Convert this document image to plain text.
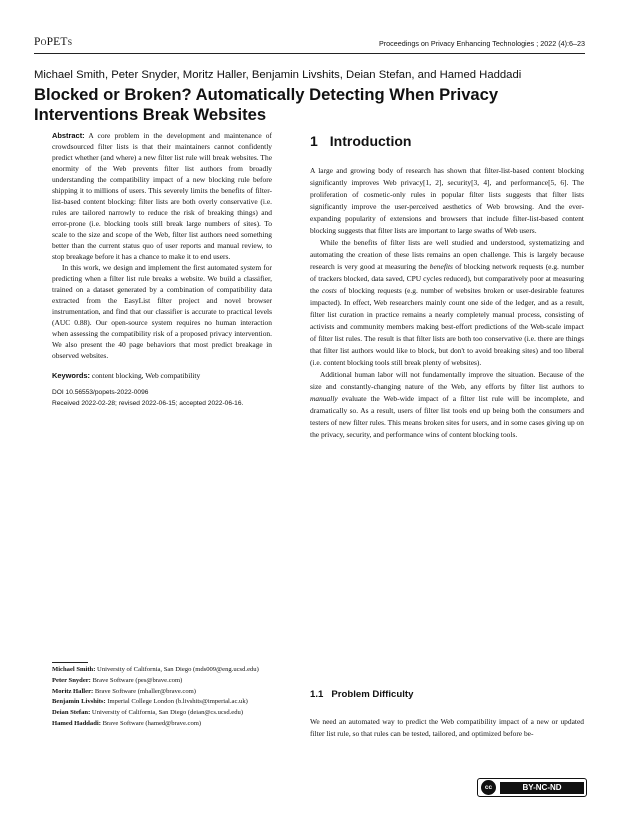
PoPETs	Proceedings on Privacy Enhancing Technologies ; 2022 (4):6–23
Michael Smith, Peter Snyder, Moritz Haller, Benjamin Livshits, Deian Stefan, and Hamed Haddadi
Blocked or Broken? Automatically Detecting When Privacy Interventions Break Websites

Abstract: A core problem in the development and maintenance of crowdsourced filter lists is that their maintainers cannot confidently predict whether (and where) a new filter list rule will break websites. The enormity of the Web prevents filter list authors from broadly understanding the compatibility impact of a new blocking rule before shipping it to millions of users. This severely limits the benefits of filter-list-based content blocking: filter lists are both overly conservative (i.e. rules are tailored narrowly to reduce the risk of breaking things) and error-prone (i.e. blocking tools still break large numbers of sites). To scale to the size and scope of the Web, filter list authors need something better than the current status quo of user reports and manual review, to stop breakage before it has a chance to make it to end users.

In this work, we design and implement the first automated system for predicting when a filter list rule breaks a website. We build a classifier, trained on a dataset generated by a combination of compatibility data extracted from the EasyList filter project and novel browser instrumentation, and find that our classifier is accurate to practical levels (AUC 0.88). Our open-source system requires no human interaction when assessing the compatibility risk of a proposed privacy intervention. We also present the 40 page behaviors that most predict breakage in observed websites.

Keywords: content blocking, Web compatibility

DOI 10.56553/popets-2022-0096
Received 2022-02-28; revised 2022-06-15; accepted 2022-06-16.
Michael Smith: University of California, San Diego (mds009@eng.ucsd.edu)
Peter Snyder: Brave Software (pes@brave.com)
Moritz Haller: Brave Software (mhaller@brave.com)
Benjamin Livshits: Imperial College London (b.livshits@imperial.ac.uk)
Deian Stefan: University of California, San Diego (deian@cs.ucsd.edu)
Hamed Haddadi: Brave Software (hamed@brave.com)
1 Introduction

A large and growing body of research has shown that filter-list-based content blocking significantly improves Web privacy[1, 2], security[3, 4], and performance[5, 6]. The proliferation of cosmetic-only rules in popular filter lists suggests that filter lists significantly improve the user-perceived aesthetics of Web browsing. And the ever-expanding popularity of extensions and browsers that include filter-list-based content blocking suggests that filter lists are important to large swaths of Web users.

While the benefits of filter lists are well studied and understood, systematizing and automating the creation of these lists remains an open challenge. This is largely because research is very good at measuring the benefits of blocking network requests (e.g. number of trackers blocked, data saved, CPU cycles reduced), but comparatively poor at measuring the costs of blocking requests (e.g. number of websites broken or user-desirable features impacted). In effect, Web researchers mainly count one side of the ledger, and as a result, filter list curation in practice remains a nearly completely manual process, consisting of activists and community members making best-effort predictions of the Web-scale impact of filter list rules. The result is that filter lists are both too conservative (i.e. there are things that filter list authors would like to block, but don't to avoid breaking sites) and too liberal (i.e. content blocking tools still break plenty of websites).

Additional human labor will not fundamentally improve the situation. Because of the size and constantly-changing nature of the Web, any efforts by filter list authors to manually evaluate the Web-wide impact of a filter list rule will be incomplete, and dramatically so. As a result, users of filter list tools end up being both the consumers and testers of new filter rules. This means broken sites for users, and in some cases giving up on the privacy, security, and performance wins of content blocking tools.

1.1 Problem Difficulty
We need an automated way to predict the Web compatibility impact of a new or updated filter list rule, so that rules can be tested, tailored, and optimized before be-
cc	BY-NC-ND
